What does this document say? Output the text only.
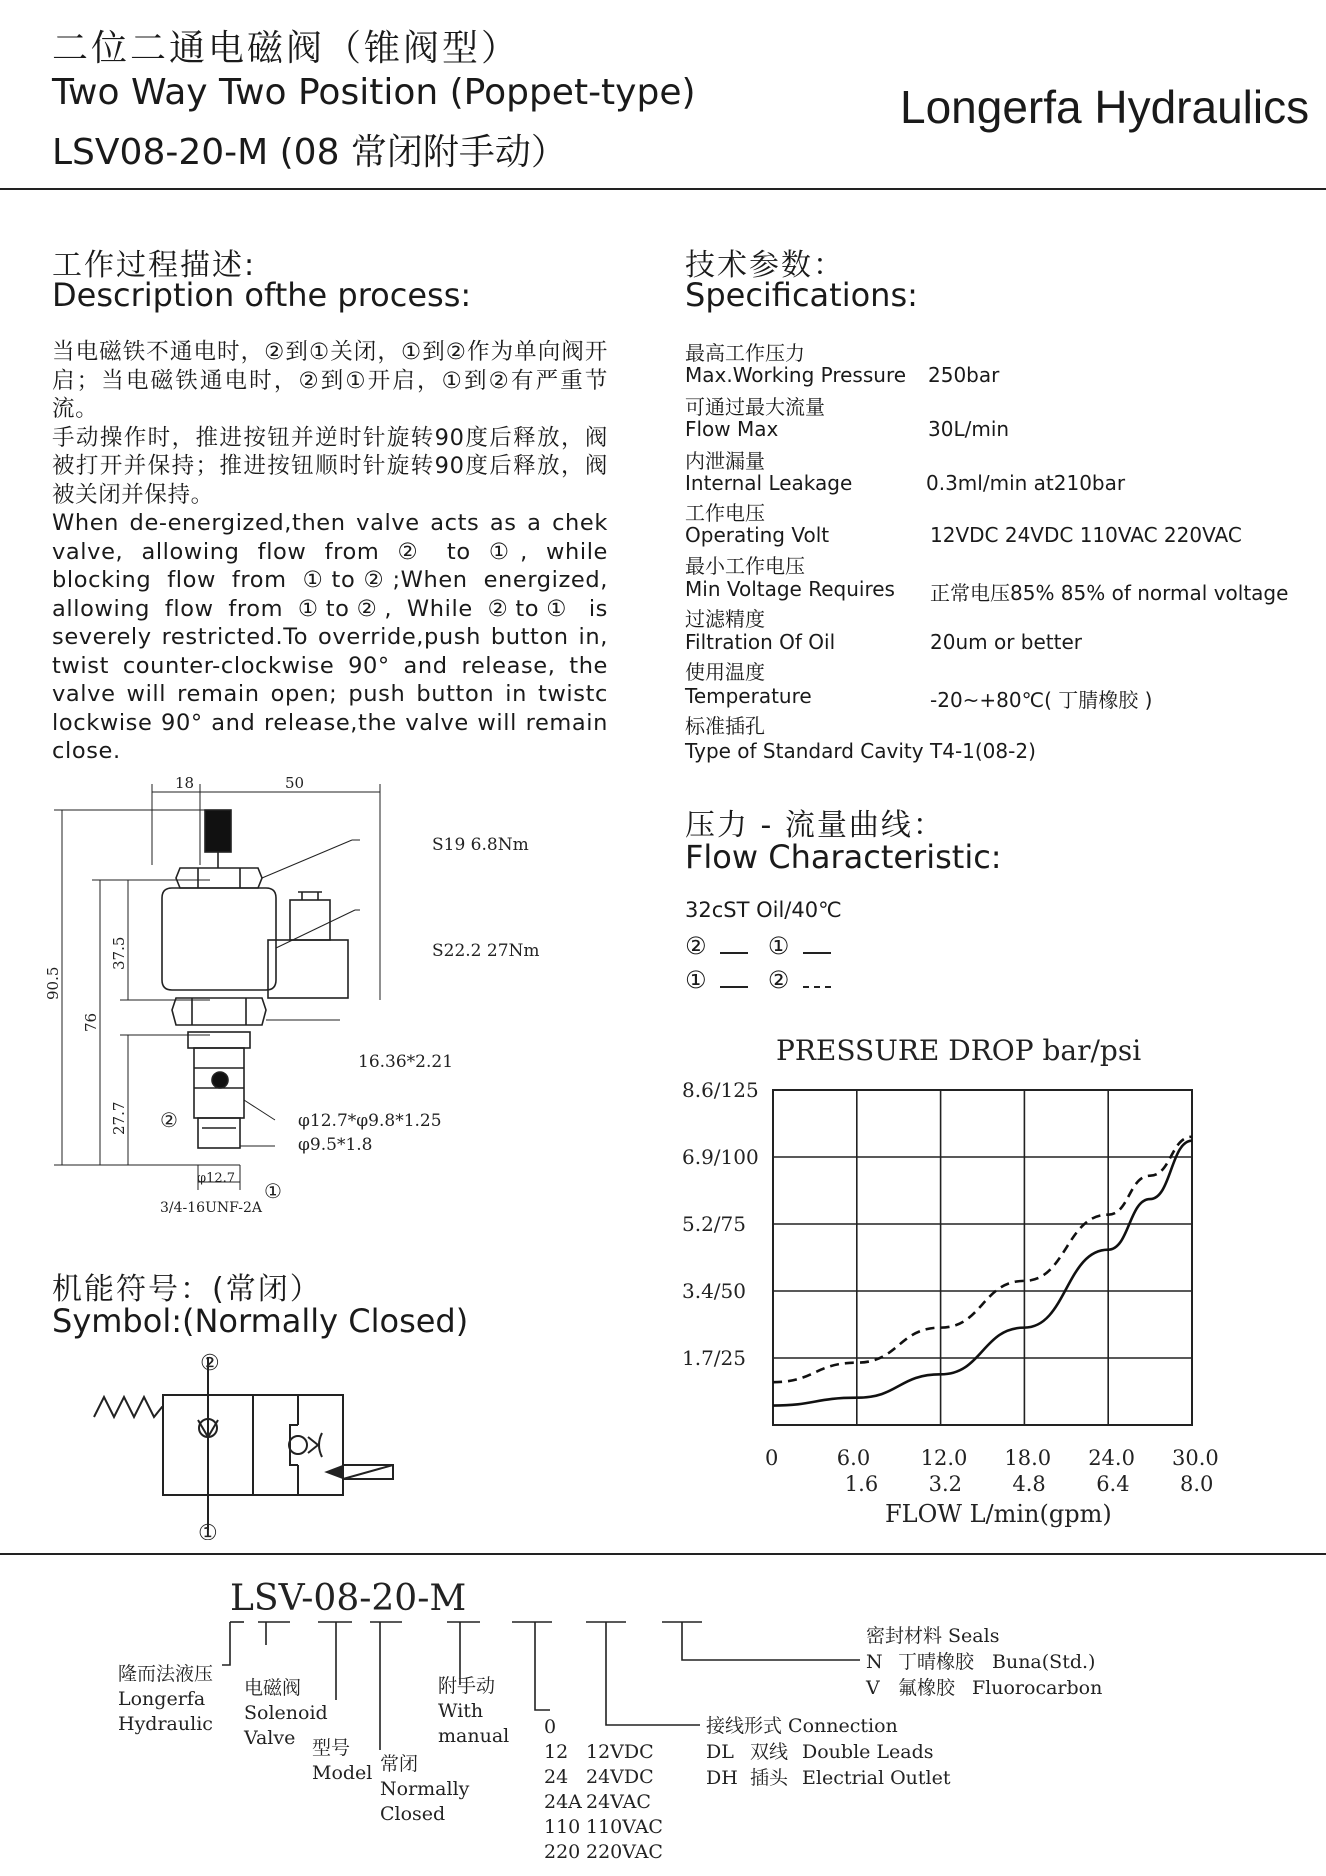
二位二通电磁阀（锥阀型）
Two Way Two Position (Poppet-type)
LSV08-20-M (08 常闭附手动）
Longerfa Hydraulics
工作过程描述:
Description ofthe process:

当电磁铁不通电时，②到①关闭，①到②作为单向阀开启；当电磁铁通电时，②到①开启，①到②有严重节流。

手动操作时，推进按钮并逆时针旋转90度后释放，阀被打开并保持；推进按钮顺时针旋转90度后释放，阀被关闭并保持。

When de-energized,then valve acts as a chek valve, allowing flow from ② to ①, while blocking flow from ①to②;When energized, allowing flow from ①to②, While ②to① is severely restricted.To override,push button in, twist counter-clockwise 90° and release, the valve will remain open; push button in twistc lockwise 90° and release,the valve will remain close.

技术参数：
Specifications:
最高工作压力
Max.Working Pressure 250bar
可通过最大流量
Flow Max	30L/min
内泄漏量
Internal Leakage	0.3ml/min at210bar
工作电压
Operating Volt	12VDC 24VDC 110VAC 220VAC
最小工作电压
Min Voltage Requires 正常电压85% 85% of normal voltage
过滤精度
Filtration Of Oil	20um or better
使用温度
Temperature	-20~+80℃( 丁腈橡胶 )
标准插孔
Type of Standard Cavity T4-1(08-2)
18	50
90.5
76
37.5
27.7
φ12.7
3/4-16UNF-2A
S19 6.8Nm
S22.2 27Nm
16.36*2.21
φ12.7*φ9.8*1.25
φ9.5*1.8
②
①
机能符号：(常闭）
Symbol:(Normally Closed)
②
①
压力 - 流量曲线：
Flow Characteristic:
32cST Oil/40℃
②	①
①	②
PRESSURE DROP bar/psi
1.7/25
3.4/50
5.2/75
6.9/100
8.6/125
0	6.0
1.6
12.0
3.2
18.0
4.8
24.0
6.4
30.0
8.0
FLOW L/min(gpm)
LSV-08-20-M
隆而法液压
Longerfa
Hydraulic
电磁阀
Solenoid
Valve 型号
Model 常闭
Normally
Closed
附手动
With
manual 0
12 12VDC
24 24VDC
24A 24VAC
110 110VAC
220 220VAC
接线形式 Connection
DL 双线 Double Leads
DH 插头 Electrial Outlet
密封材料 Seals
N 丁晴橡胶 Buna(Std.)
V 氟橡胶 Fluorocarbon
